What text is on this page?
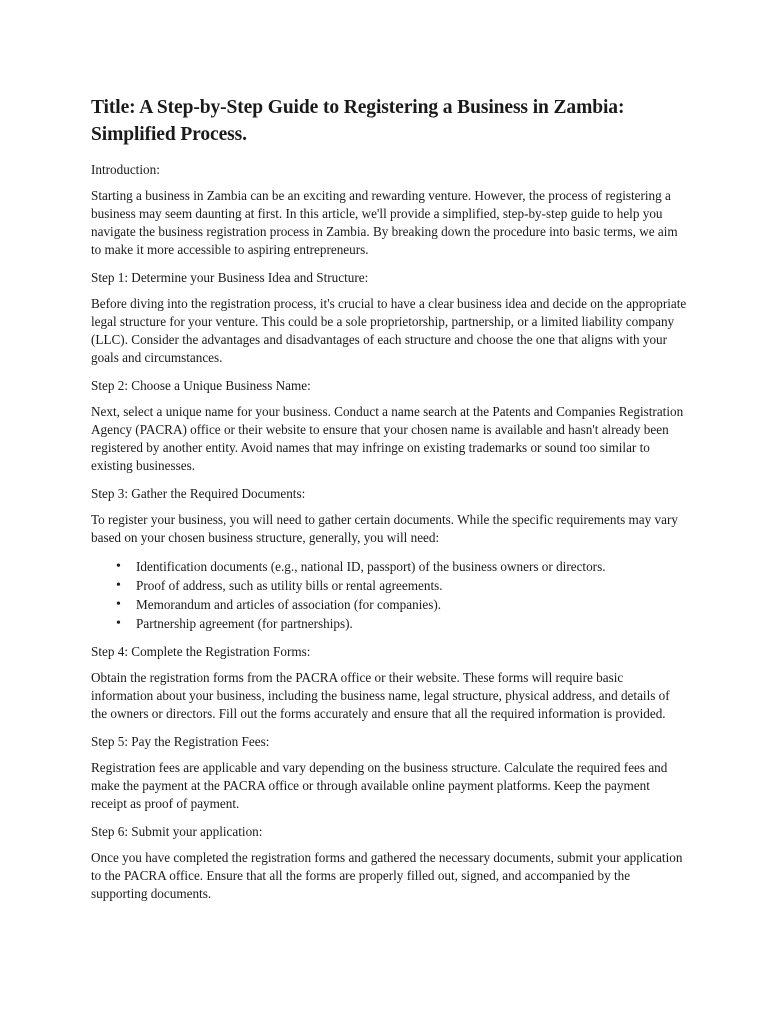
Title: A Step-by-Step Guide to Registering a Business in Zambia: Simplified Process.
Introduction:
Starting a business in Zambia can be an exciting and rewarding venture. However, the process of registering a business may seem daunting at first. In this article, we'll provide a simplified, step-by-step guide to help you navigate the business registration process in Zambia. By breaking down the procedure into basic terms, we aim to make it more accessible to aspiring entrepreneurs.
Step 1: Determine your Business Idea and Structure:
Before diving into the registration process, it's crucial to have a clear business idea and decide on the appropriate legal structure for your venture. This could be a sole proprietorship, partnership, or a limited liability company (LLC). Consider the advantages and disadvantages of each structure and choose the one that aligns with your goals and circumstances.
Step 2: Choose a Unique Business Name:
Next, select a unique name for your business. Conduct a name search at the Patents and Companies Registration Agency (PACRA) office or their website to ensure that your chosen name is available and hasn't already been registered by another entity. Avoid names that may infringe on existing trademarks or sound too similar to existing businesses.
Step 3: Gather the Required Documents:
To register your business, you will need to gather certain documents. While the specific requirements may vary based on your chosen business structure, generally, you will need:
• Identification documents (e.g., national ID, passport) of the business owners or directors.
• Proof of address, such as utility bills or rental agreements.
• Memorandum and articles of association (for companies).
• Partnership agreement (for partnerships).
Step 4: Complete the Registration Forms:
Obtain the registration forms from the PACRA office or their website. These forms will require basic information about your business, including the business name, legal structure, physical address, and details of the owners or directors. Fill out the forms accurately and ensure that all the required information is provided.
Step 5: Pay the Registration Fees:
Registration fees are applicable and vary depending on the business structure. Calculate the required fees and make the payment at the PACRA office or through available online payment platforms. Keep the payment receipt as proof of payment.
Step 6: Submit your application:
Once you have completed the registration forms and gathered the necessary documents, submit your application to the PACRA office. Ensure that all the forms are properly filled out, signed, and accompanied by the supporting documents.
